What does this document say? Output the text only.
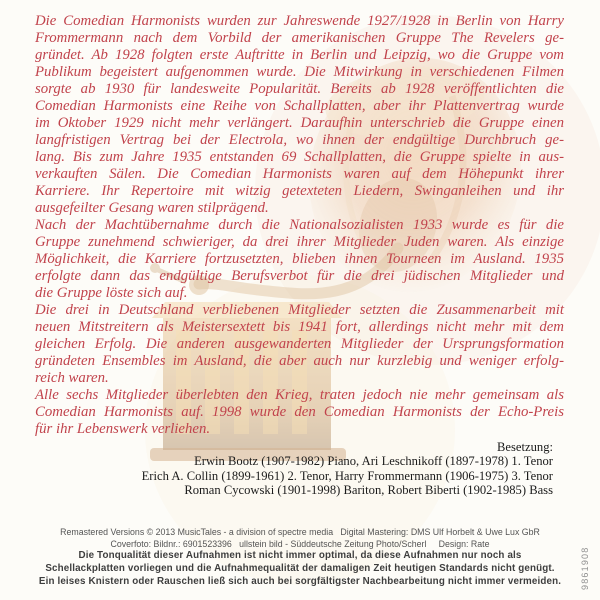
Die Comedian Harmonists wurden zur Jahreswende 1927/1928 in Berlin von Harry
Frommermann nach dem Vorbild der amerikanischen Gruppe The Revelers ge-
gründet. Ab 1928 folgten erste Auftritte in Berlin und Leipzig, wo die Gruppe vom
Publikum begeistert aufgenommen wurde. Die Mitwirkung in verschiedenen Filmen
sorgte ab 1930 für landesweite Popularität. Bereits ab 1928 veröffentlichten die
Comedian Harmonists eine Reihe von Schallplatten, aber ihr Plattenvertrag wurde
im Oktober 1929 nicht mehr verlängert. Daraufhin unterschrieb die Gruppe einen
langfristigen Vertrag bei der Electrola, wo ihnen der endgültige Durchbruch ge-
lang. Bis zum Jahre 1935 entstanden 69 Schallplatten, die Gruppe spielte in aus-
verkauften Sälen. Die Comedian Harmonists waren auf dem Höhepunkt ihrer
Karriere. Ihr Repertoire mit witzig getexteten Liedern, Swinganleihen und ihr
ausgefeilter Gesang waren stilprägend.
Nach der Machtübernahme durch die Nationalsozialisten 1933 wurde es für die
Gruppe zunehmend schwieriger, da drei ihrer Mitglieder Juden waren. Als einzige
Möglichkeit, die Karriere fortzusetzten, blieben ihnen Tourneen im Ausland. 1935
erfolgte dann das endgültige Berufsverbot für die drei jüdischen Mitglieder und
die Gruppe löste sich auf.
Die drei in Deutschland verbliebenen Mitglieder setzten die Zusammenarbeit mit
neuen Mitstreitern als Meistersextett bis 1941 fort, allerdings nicht mehr mit dem
gleichen Erfolg. Die anderen ausgewanderten Mitglieder der Ursprungsformation
gründeten Ensembles im Ausland, die aber auch nur kurzlebig und weniger erfolg-
reich waren.
Alle sechs Mitglieder überlebten den Krieg, traten jedoch nie mehr gemeinsam als
Comedian Harmonists auf. 1998 wurde den Comedian Harmonists der Echo-Preis
für ihr Lebenswerk verliehen.
Besetzung:
Erwin Bootz (1907-1982) Piano, Ari Leschnikoff (1897-1978) 1. Tenor
Erich A. Collin (1899-1961) 2. Tenor, Harry Frommermann (1906-1975) 3. Tenor
Roman Cycowski (1901-1998) Bariton, Robert Biberti (1902-1985) Bass
Remastered Versions © 2013 MusicTales - a division of spectre media   Digital Mastering: DMS Ulf Horbelt & Uwe Lux GbR
Coverfoto: Bildnr.: 6901523396   ullstein bild - Süddeutsche Zeitung Photo/Scherl     Design: Rate
Die Tonqualität dieser Aufnahmen ist nicht immer optimal, da diese Aufnahmen nur noch als
Schellackplatten vorliegen und die Aufnahmequalität der damaligen Zeit heutigen Standards nicht genügt.
Ein leises Knistern oder Rauschen ließ sich auch bei sorgfältigster Nachbearbeitung nicht immer vermeiden.	9861908
